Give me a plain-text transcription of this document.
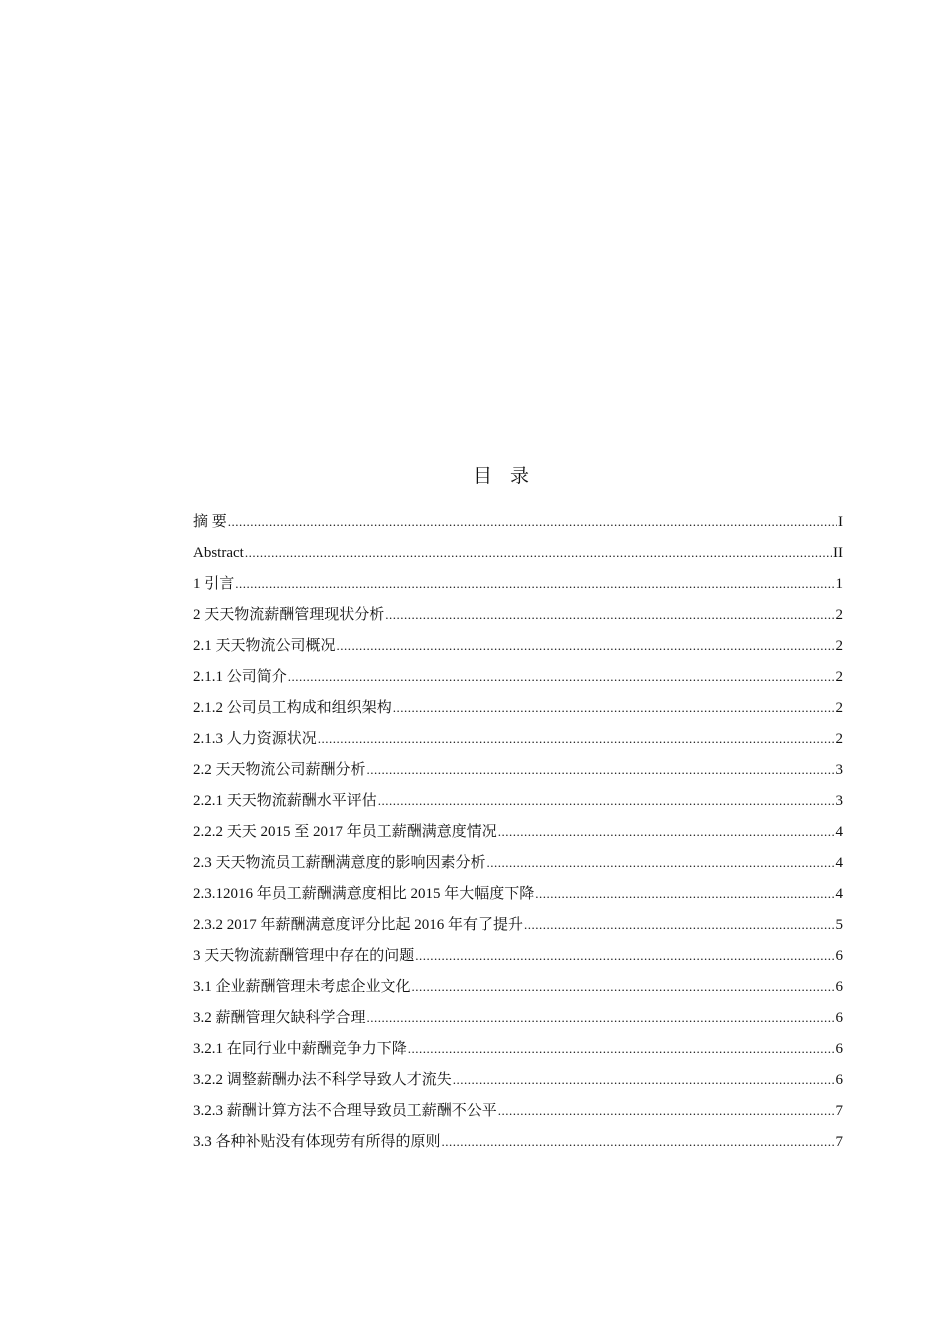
目录
摘 要 .....	I
Abstract .....	II
1 引言 .....	1
2 天天物流薪酬管理现状分析 .....	2
2.1 天天物流公司概况 .....	2
2.1.1 公司简介 .....	2
2.1.2 公司员工构成和组织架构 .....	2
2.1.3 人力资源状况 .....	2
2.2 天天物流公司薪酬分析 .....	3
2.2.1 天天物流薪酬水平评估 .....	3
2.2.2 天天 2015 至 2017 年员工薪酬满意度情况 .....	4
2.3 天天物流员工薪酬满意度的影响因素分析 .....	4
2.3.12016 年员工薪酬满意度相比 2015 年大幅度下降 .....	4
2.3.2 2017 年薪酬满意度评分比起 2016 年有了提升 .....	5
3 天天物流薪酬管理中存在的问题 .....	6
3.1 企业薪酬管理未考虑企业文化 .....	6
3.2 薪酬管理欠缺科学合理 .....	6
3.2.1 在同行业中薪酬竞争力下降 .....	6
3.2.2 调整薪酬办法不科学导致人才流失 .....	6
3.2.3 薪酬计算方法不合理导致员工薪酬不公平 .....	7
3.3 各种补贴没有体现劳有所得的原则 .....	7
